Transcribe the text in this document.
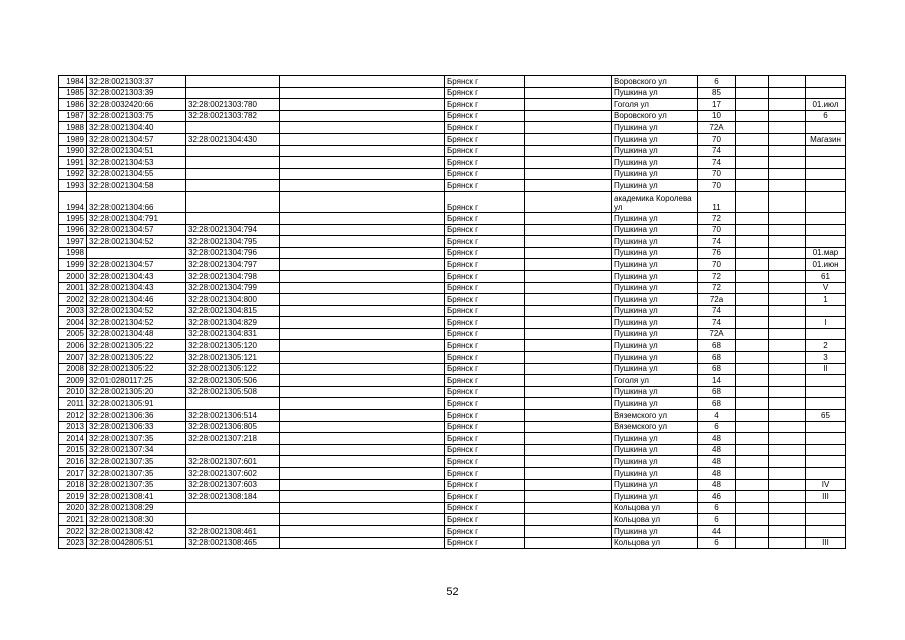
1984	32:28:0021303:37			Брянск г		Воровского ул	6			
1985	32:28:0021303:39			Брянск г		Пушкина ул	85			
1986	32:28:0032420:66	32:28:0021303:780		Брянск г		Гоголя ул	17			01.июл
1987	32:28:0021303:75	32:28:0021303:782		Брянск г		Воровского ул	10			6
1988	32:28:0021304:40			Брянск г		Пушкина ул	72А			
1989	32:28:0021304:57	32:28:0021304:430		Брянск г		Пушкина ул	70			Магазин
1990	32:28:0021304:51			Брянск г		Пушкина ул	74			
1991	32:28:0021304:53			Брянск г		Пушкина ул	74			
1992	32:28:0021304:55			Брянск г		Пушкина ул	70			
1993	32:28:0021304:58			Брянск г		Пушкина ул	70			
1994	32:28:0021304:66			Брянск г		академика Королева ул	11			
1995	32:28:0021304:791			Брянск г		Пушкина ул	72			
1996	32:28:0021304:57	32:28:0021304:794		Брянск г		Пушкина ул	70			
1997	32:28:0021304:52	32:28:0021304:795		Брянск г		Пушкина ул	74			
1998		32:28:0021304:796		Брянск г		Пушкина ул	76			01.мар
1999	32:28:0021304:57	32:28:0021304:797		Брянск г		Пушкина ул	70			01.июн
2000	32:28:0021304:43	32:28:0021304:798		Брянск г		Пушкина ул	72			61
2001	32:28:0021304:43	32:28:0021304:799		Брянск г		Пушкина ул	72			V
2002	32:28:0021304:46	32:28:0021304:800		Брянск г		Пушкина ул	72а			1
2003	32:28:0021304:52	32:28:0021304:815		Брянск г		Пушкина ул	74			
2004	32:28:0021304:52	32:28:0021304:829		Брянск г		Пушкина ул	74			I
2005	32:28:0021304:48	32:28:0021304:831		Брянск г		Пушкина ул	72А			
2006	32:28:0021305:22	32:28:0021305:120		Брянск г		Пушкина ул	68			2
2007	32:28:0021305:22	32:28:0021305:121		Брянск г		Пушкина ул	68			3
2008	32:28:0021305:22	32:28:0021305:122		Брянск г		Пушкина ул	68			II
2009	32:01:0280117:25	32:28:0021305:506		Брянск г		Гоголя ул	14			
2010	32:28:0021305:20	32:28:0021305:508		Брянск г		Пушкина ул	68			
2011	32:28:0021305:91			Брянск г		Пушкина ул	68			
2012	32:28:0021306:36	32:28:0021306:514		Брянск г		Вяземского ул	4			65
2013	32:28:0021306:33	32:28:0021306:805		Брянск г		Вяземского ул	6			
2014	32:28:0021307:35	32:28:0021307:218		Брянск г		Пушкина ул	48			
2015	32:28:0021307:34			Брянск г		Пушкина ул	48			
2016	32:28:0021307:35	32:28:0021307:601		Брянск г		Пушкина ул	48			
2017	32:28:0021307:35	32:28:0021307:602		Брянск г		Пушкина ул	48			
2018	32:28:0021307:35	32:28:0021307:603		Брянск г		Пушкина ул	48			IV
2019	32:28:0021308:41	32:28:0021308:184		Брянск г		Пушкина ул	46			III
2020	32:28:0021308:29			Брянск г		Кольцова ул	6			
2021	32:28:0021308:30			Брянск г		Кольцова ул	6			
2022	32:28:0021308:42	32:28:0021308:461		Брянск г		Пушкина ул	44			
2023	32:28:0042805:51	32:28:0021308:465		Брянск г		Кольцова ул	6			III
52
